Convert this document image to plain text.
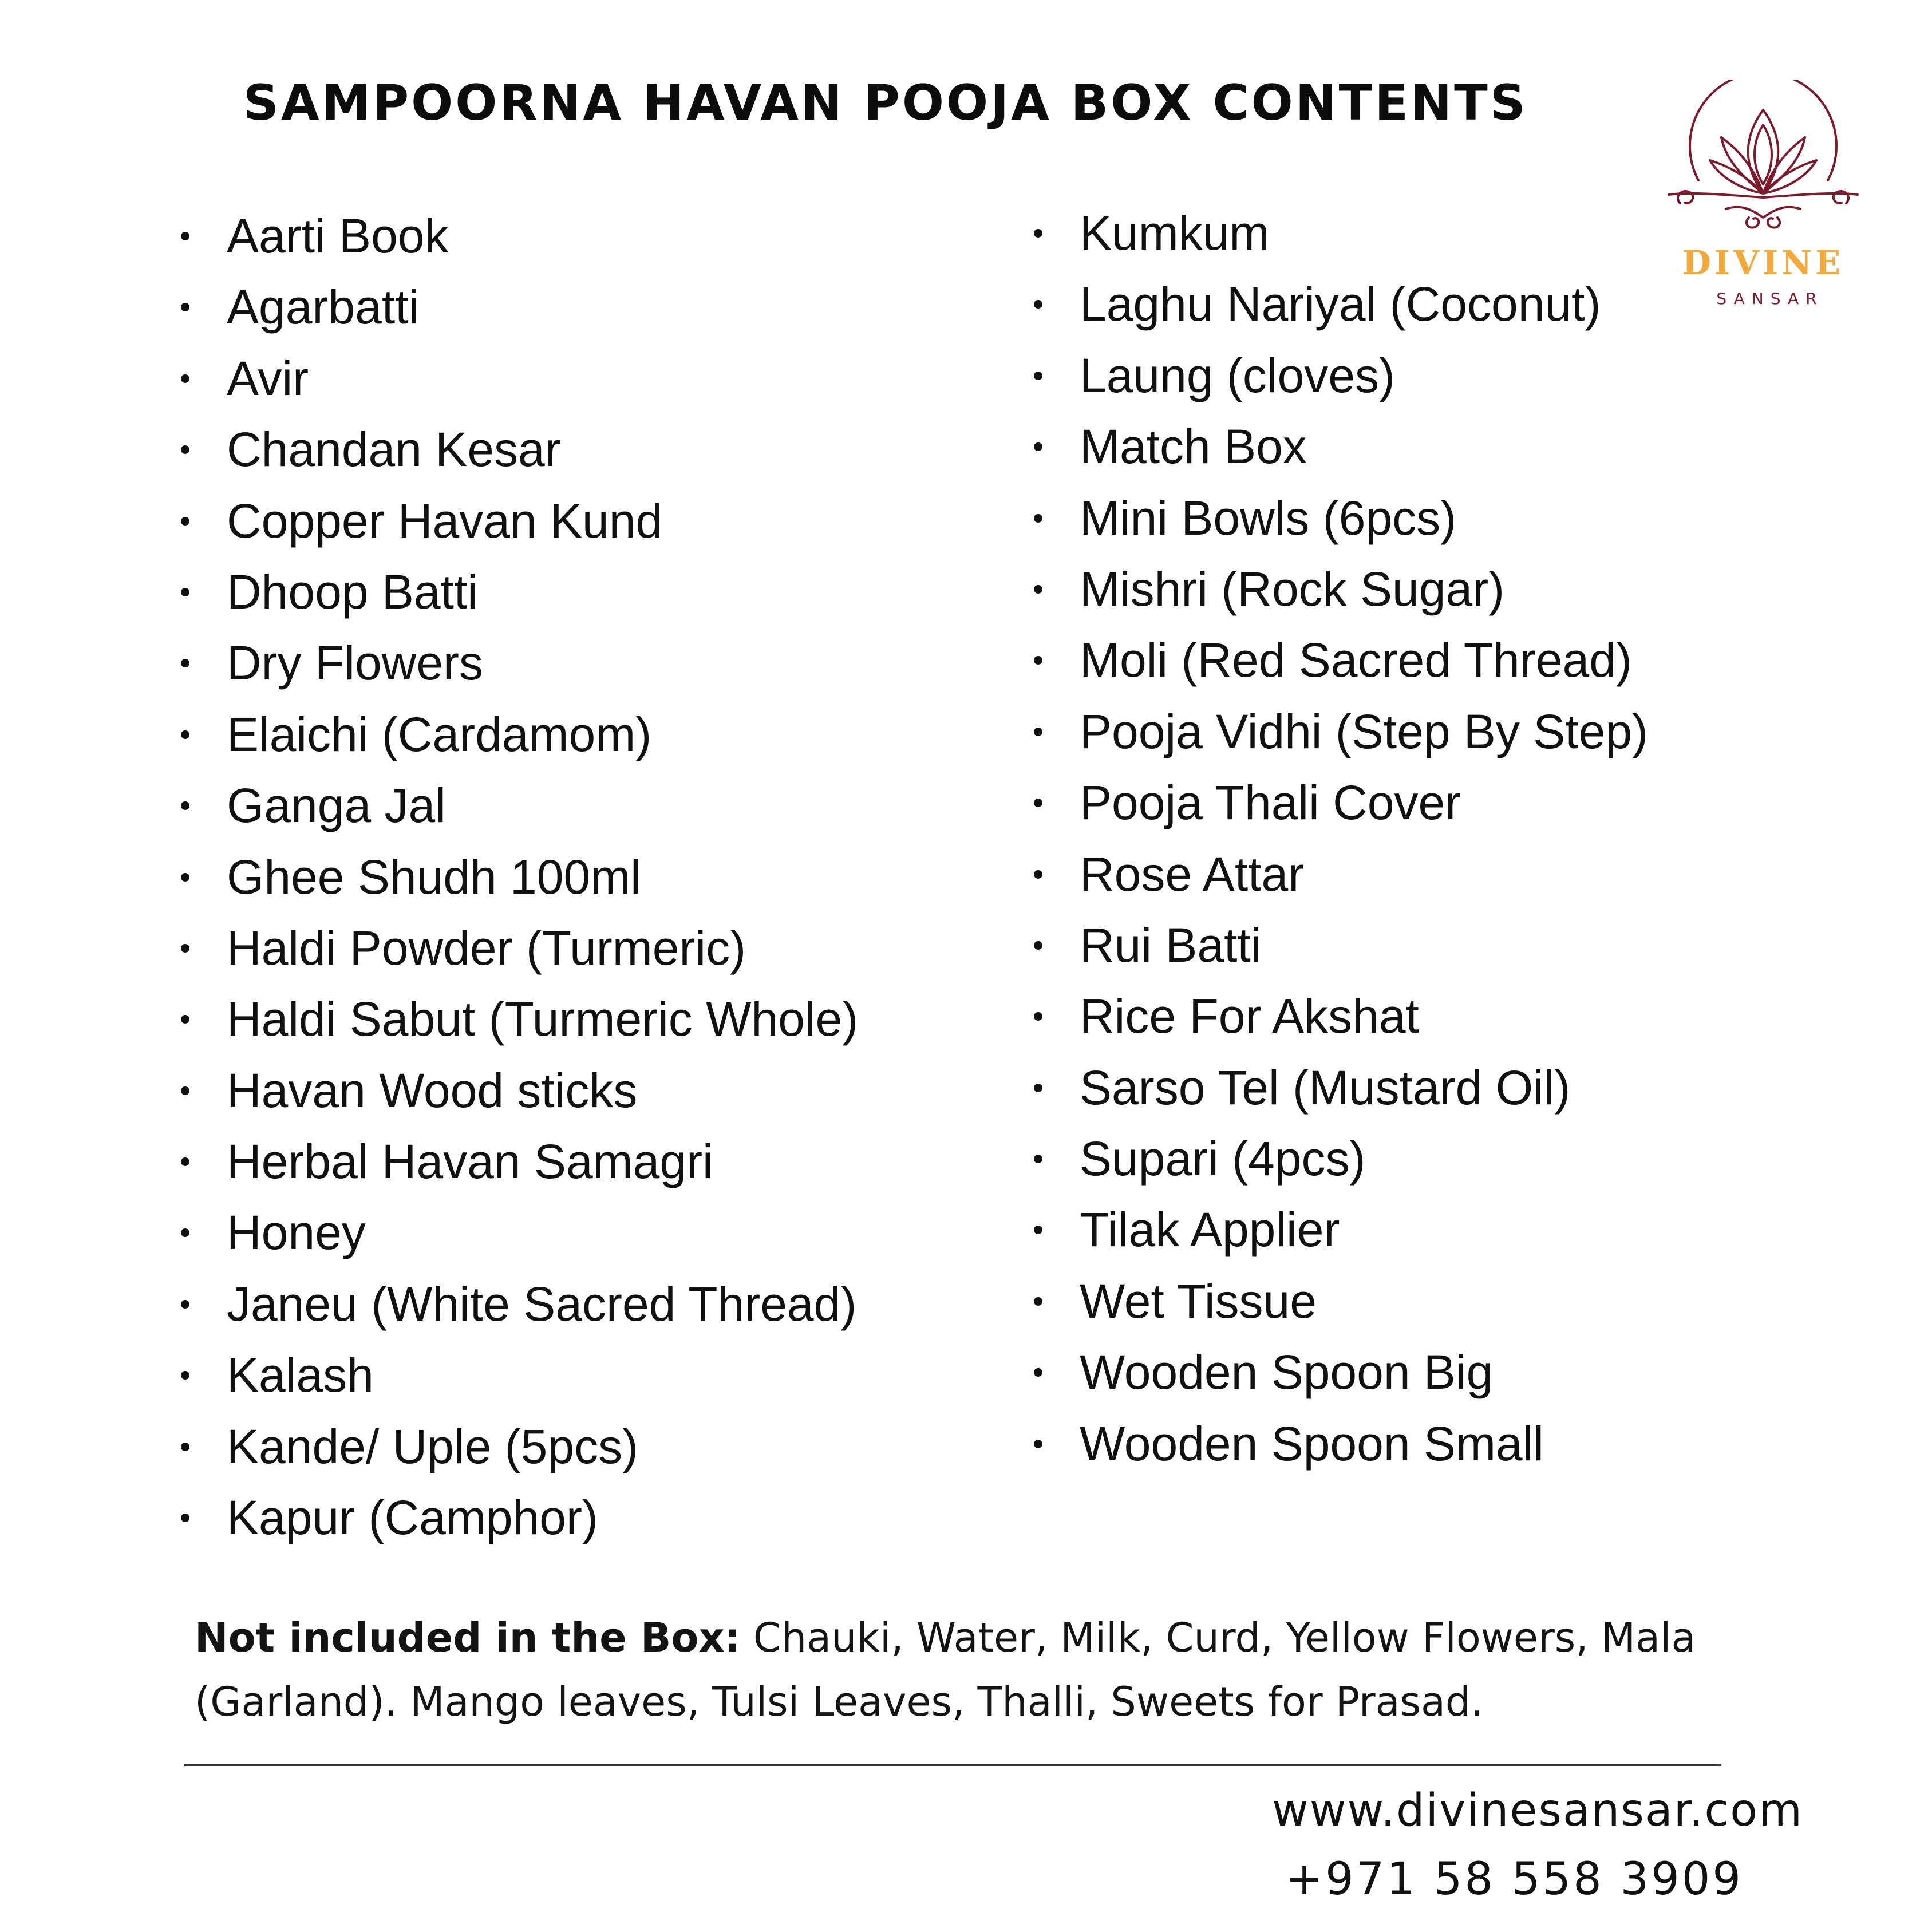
SAMPOORNA HAVAN POOJA BOX CONTENTS
DIVINE
SANSAR
Aarti Book
Agarbatti
Avir
Chandan Kesar
Copper Havan Kund
Dhoop Batti
Dry Flowers
Elaichi (Cardamom)
Ganga Jal
Ghee Shudh 100ml
Haldi Powder (Turmeric)
Haldi Sabut (Turmeric Whole)
Havan Wood sticks
Herbal Havan Samagri
Honey
Janeu (White Sacred Thread)
Kalash
Kande/ Uple (5pcs)
Kapur (Camphor)
Kumkum
Laghu Nariyal (Coconut)
Laung (cloves)
Match Box
Mini Bowls (6pcs)
Mishri (Rock Sugar)
Moli (Red Sacred Thread)
Pooja Vidhi (Step By Step)
Pooja Thali Cover
Rose Attar
Rui Batti
Rice For Akshat
Sarso Tel (Mustard Oil)
Supari (4pcs)
Tilak Applier
Wet Tissue
Wooden Spoon Big
Wooden Spoon Small
Not included in the Box: Chauki, Water, Milk, Curd, Yellow Flowers, Mala (Garland). Mango leaves, Tulsi Leaves, Thalli, Sweets for Prasad.
www.divinesansar.com
+971 58 558 3909
